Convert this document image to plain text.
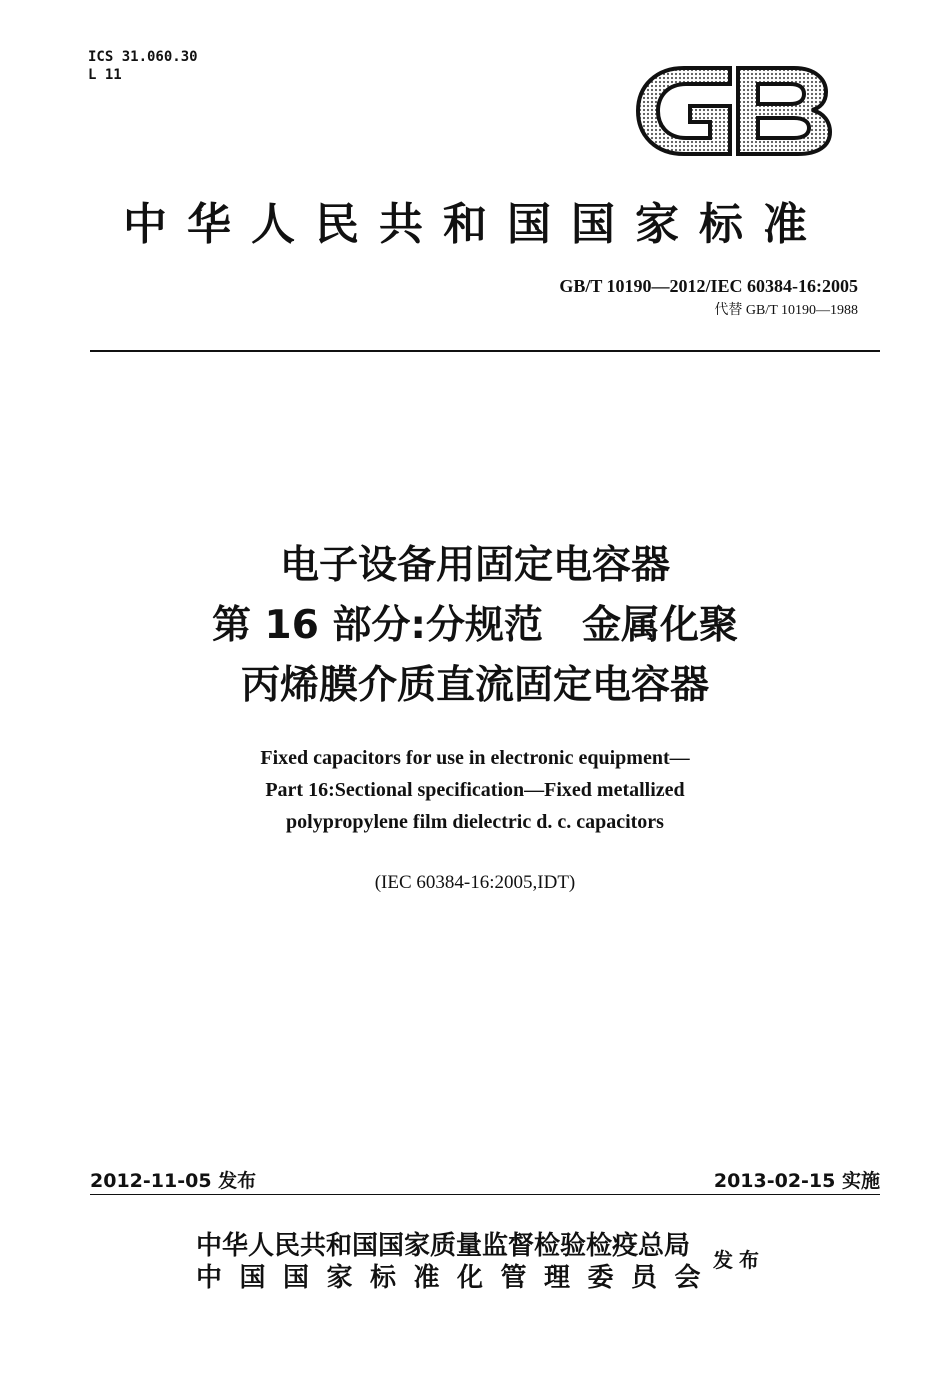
ICS 31.060.30
L 11
中华人民共和国国家标准
GB/T 10190—2012/IEC 60384-16:2005
代替 GB/T 10190—1988
电子设备用固定电容器
第 16 部分:分规范　金属化聚
丙烯膜介质直流固定电容器
Fixed capacitors for use in electronic equipment—
Part 16:Sectional specification—Fixed metallized
polypropylene film dielectric d. c. capacitors
(IEC 60384-16:2005,IDT)
2012-11-05 发布	2013-02-15 实施
中华人民共和国国家质量监督检验检疫总局
中国国家标准化管理委员会
发布
